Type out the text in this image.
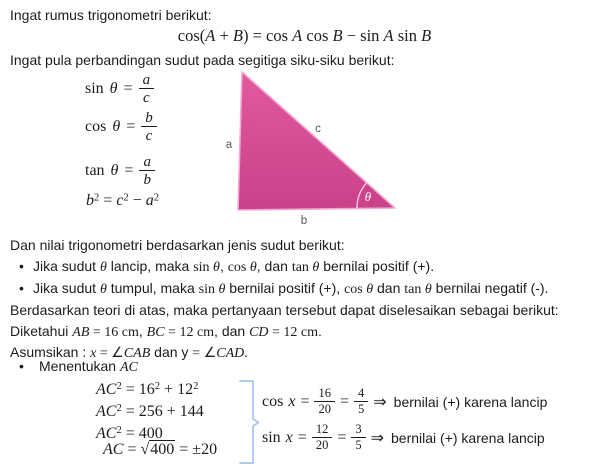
Ingat rumus trigonometri berikut:
cos(A + B) = cos A cos B − sin A sin B
Ingat pula perbandingan sudut pada segitiga siku-siku berikut:
$\sin \theta = \frac{a}{c}$
$\cos \theta = \frac{b}{c}$
$\tan \theta = \frac{a}{b}$
$b^2 = c^2 - a^2$
a
c
b
θ
Dan nilai trigonometri berdasarkan jenis sudut berikut:
• Jika sudut θ lancip, maka sin θ, cos θ, dan tan θ bernilai positif (+).
• Jika sudut θ tumpul, maka sin θ bernilai positif (+), cos θ dan tan θ bernilai negatif (-).
Berdasarkan teori di atas, maka pertanyaan tersebut dapat diselesaikan sebagai berikut:
Diketahui AB = 16 cm, BC = 12 cm, dan CD = 12 cm.
Asumsikan : x = ∠CAB dan y = ∠CAD.
•	Menentukan AC
$AC^2 = 16^2 + 12^2$
$AC^2 = 256 + 144$
$AC^2 = 400$
AC = √400 = ±20
$\cos x = \frac{16}{20} = \frac{4}{5}$ ⇒ bernilai (+) karena lancip
$\sin x = \frac{12}{20} = \frac{3}{5}$ ⇒ bernilai (+) karena lancip
